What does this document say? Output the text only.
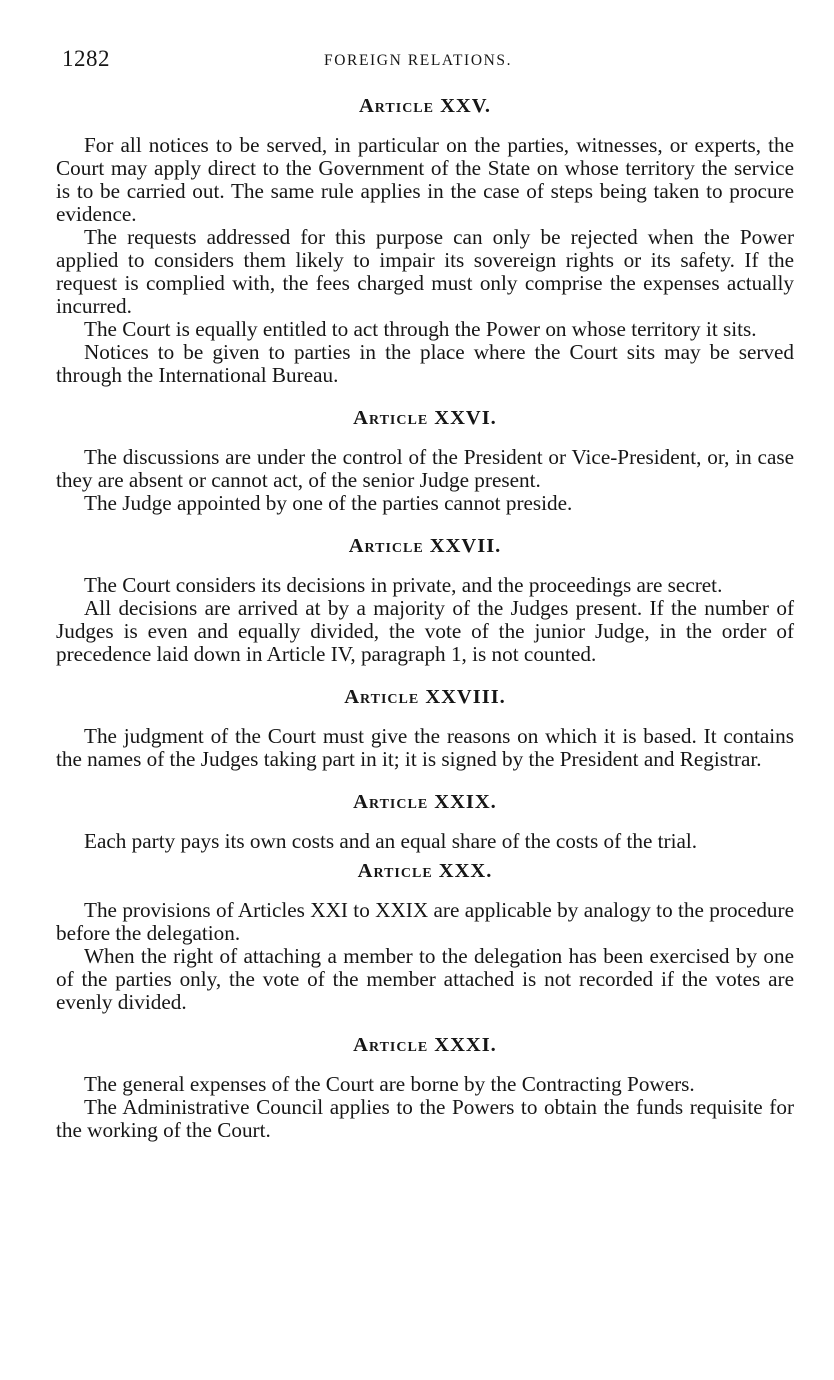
1282	FOREIGN RELATIONS.
Article XXV.

For all notices to be served, in particular on the parties, witnesses, or experts, the Court may apply direct to the Government of the State on whose territory the service is to be carried out. The same rule applies in the case of steps being taken to procure evidence.

The requests addressed for this purpose can only be rejected when the Power applied to considers them likely to impair its sovereign rights or its safety. If the request is complied with, the fees charged must only comprise the expenses actually incurred.

The Court is equally entitled to act through the Power on whose territory it sits.

Notices to be given to parties in the place where the Court sits may be served through the International Bureau.

Article XXVI.

The discussions are under the control of the President or Vice-President, or, in case they are absent or cannot act, of the senior Judge present.

The Judge appointed by one of the parties cannot preside.

Article XXVII.

The Court considers its decisions in private, and the proceedings are secret.

All decisions are arrived at by a majority of the Judges present. If the number of Judges is even and equally divided, the vote of the junior Judge, in the order of precedence laid down in Article IV, paragraph 1, is not counted.

Article XXVIII.

The judgment of the Court must give the reasons on which it is based. It contains the names of the Judges taking part in it; it is signed by the President and Registrar.

Article XXIX.

Each party pays its own costs and an equal share of the costs of the trial.

Article XXX.

The provisions of Articles XXI to XXIX are applicable by analogy to the procedure before the delegation.

When the right of attaching a member to the delegation has been exercised by one of the parties only, the vote of the member attached is not recorded if the votes are evenly divided.

Article XXXI.

The general expenses of the Court are borne by the Contracting Powers.

The Administrative Council applies to the Powers to obtain the funds requisite for the working of the Court.
